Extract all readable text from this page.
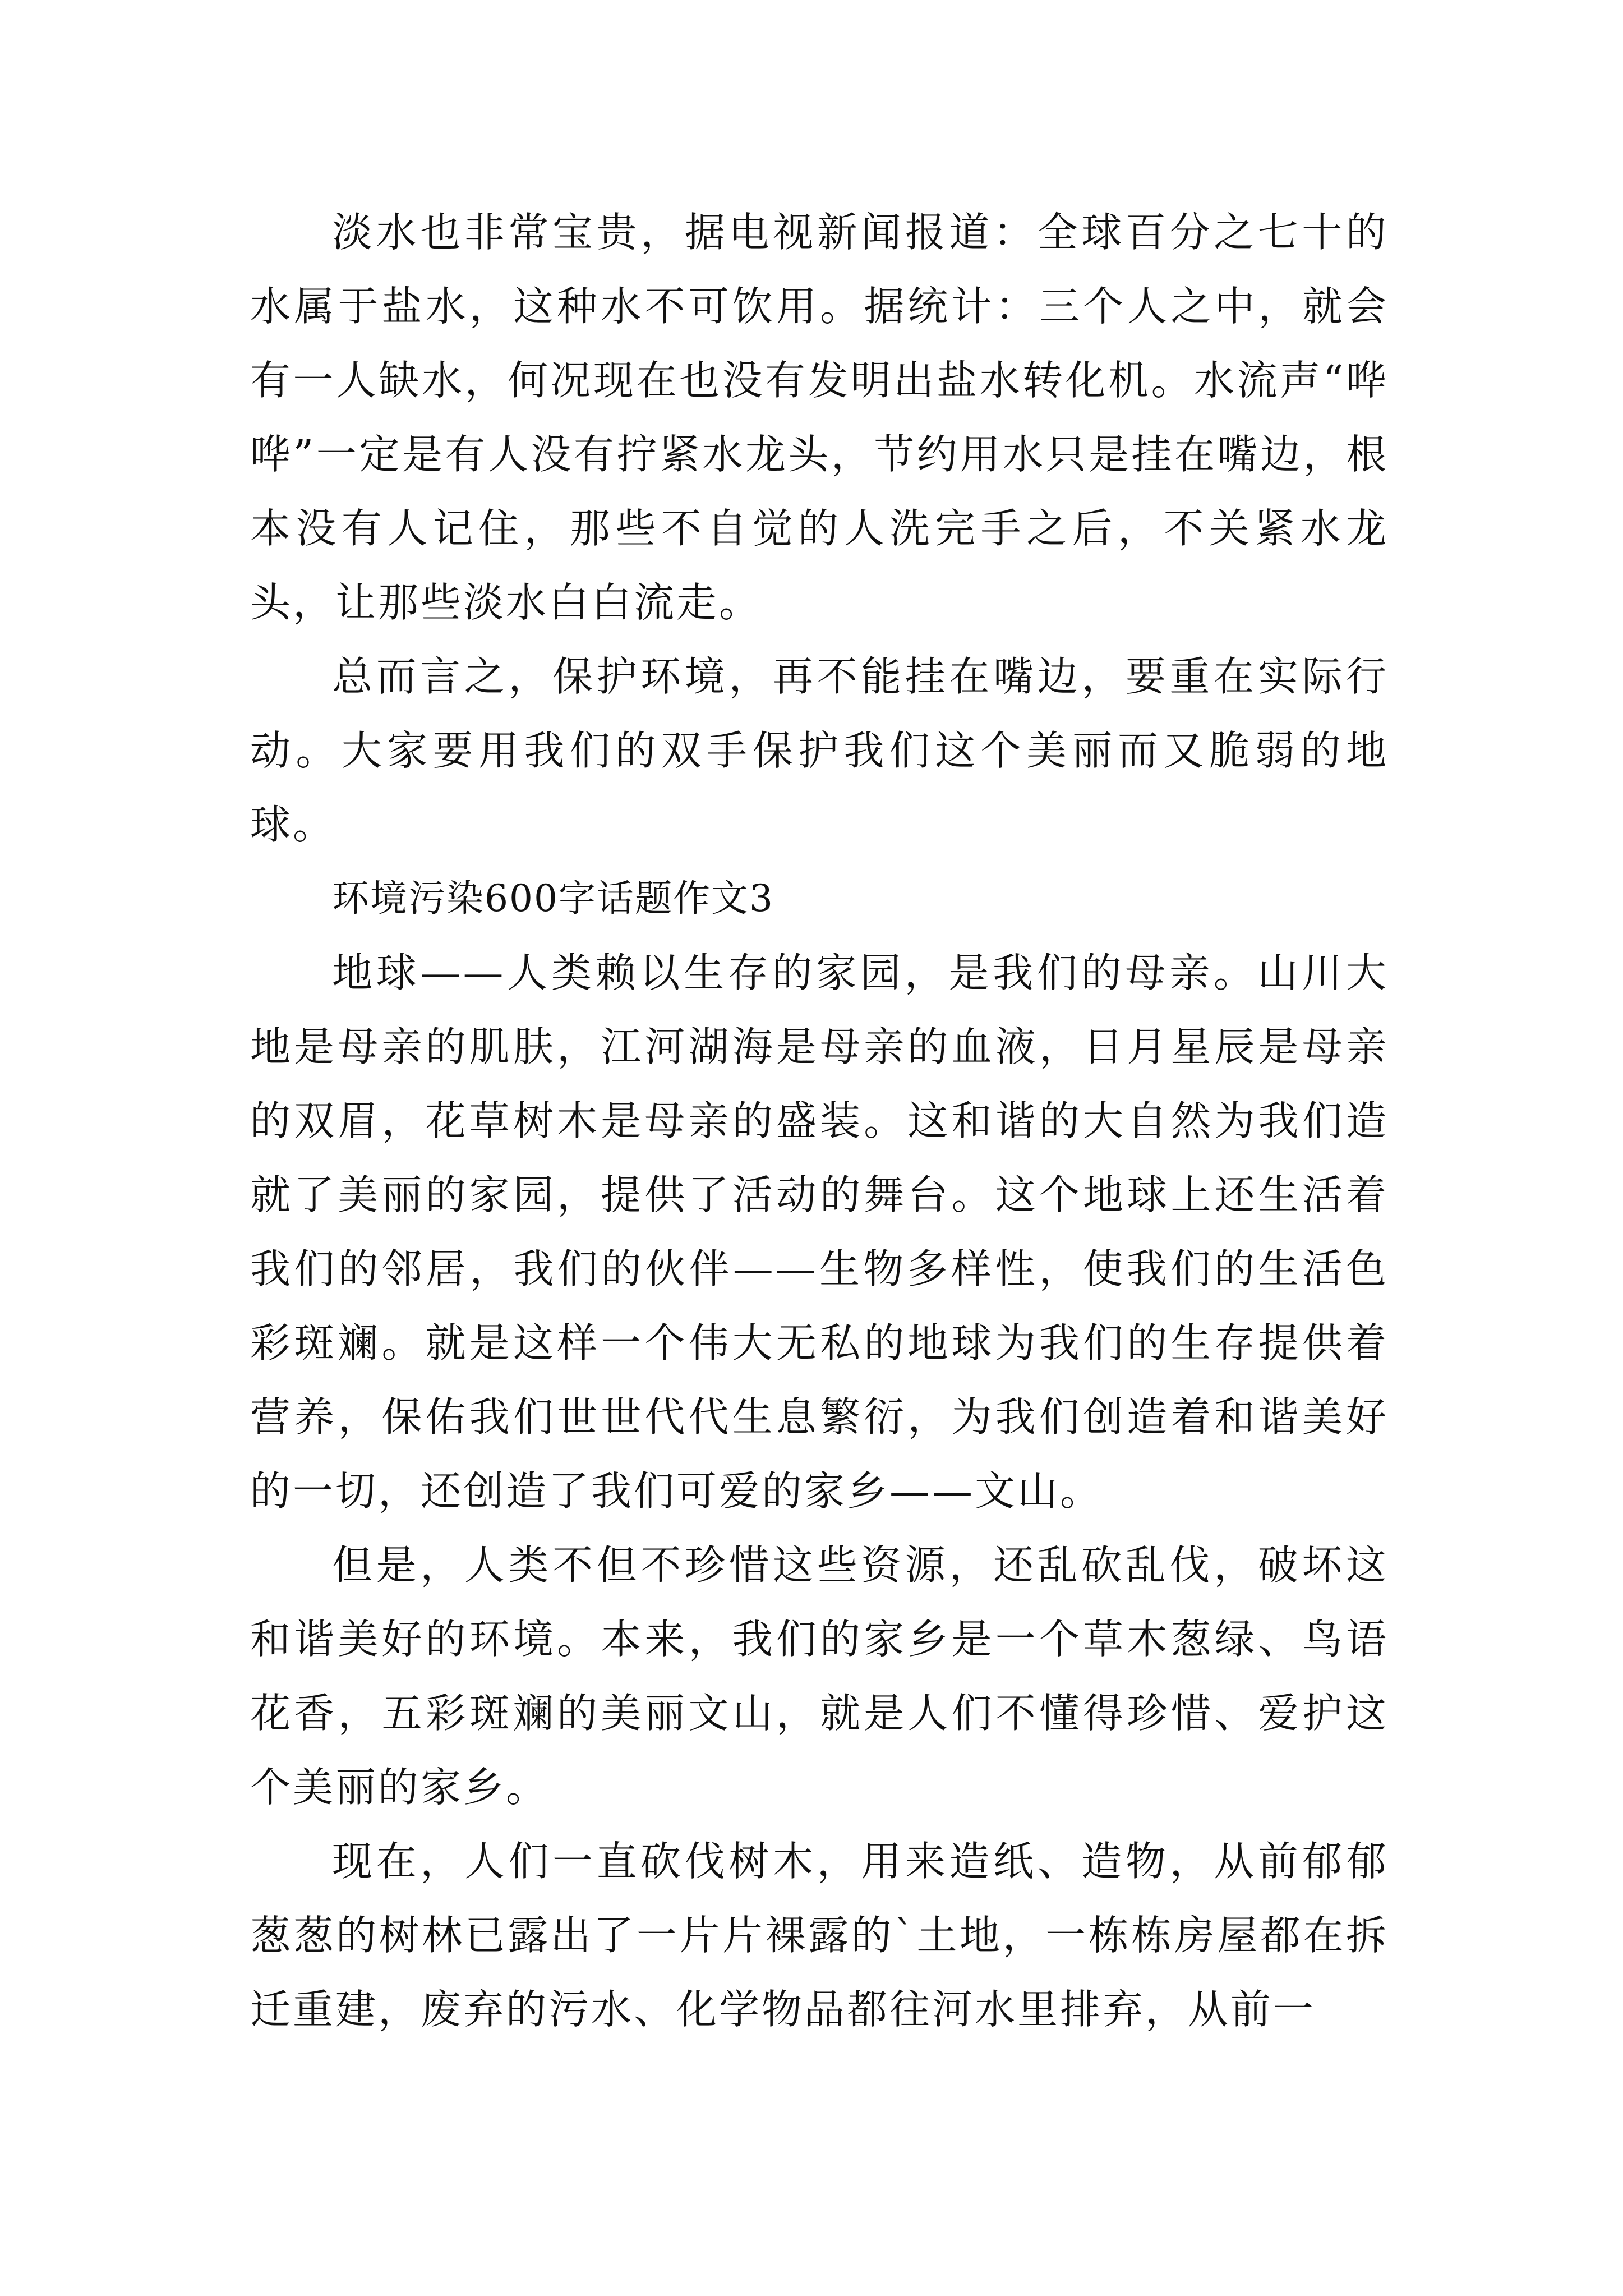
淡水也非常宝贵，据电视新闻报道：全球百分之七十的水属于盐水，这种水不可饮用。据统计：三个人之中，就会有一人缺水，何况现在也没有发明出盐水转化机。水流声“哗哗”一定是有人没有拧紧水龙头，节约用水只是挂在嘴边，根本没有人记住，那些不自觉的人洗完手之后，不关紧水龙头，让那些淡水白白流走。

总而言之，保护环境，再不能挂在嘴边，要重在实际行动。大家要用我们的双手保护我们这个美丽而又脆弱的地球。

环境污染600字话题作文3

地球——人类赖以生存的家园，是我们的母亲。山川大地是母亲的肌肤，江河湖海是母亲的血液，日月星辰是母亲的双眉，花草树木是母亲的盛装。这和谐的大自然为我们造就了美丽的家园，提供了活动的舞台。这个地球上还生活着我们的邻居，我们的伙伴——生物多样性，使我们的生活色彩斑斓。就是这样一个伟大无私的地球为我们的生存提供着营养，保佑我们世世代代生息繁衍，为我们创造着和谐美好的一切，还创造了我们可爱的家乡——文山。

但是，人类不但不珍惜这些资源，还乱砍乱伐，破坏这和谐美好的环境。本来，我们的家乡是一个草木葱绿、鸟语花香，五彩斑斓的美丽文山，就是人们不懂得珍惜、爱护这个美丽的家乡。

现在，人们一直砍伐树木，用来造纸、造物，从前郁郁葱葱的树林已露出了一片片裸露的`土地，一栋栋房屋都在拆迁重建，废弃的污水、化学物品都往河水里排弃，从前一
